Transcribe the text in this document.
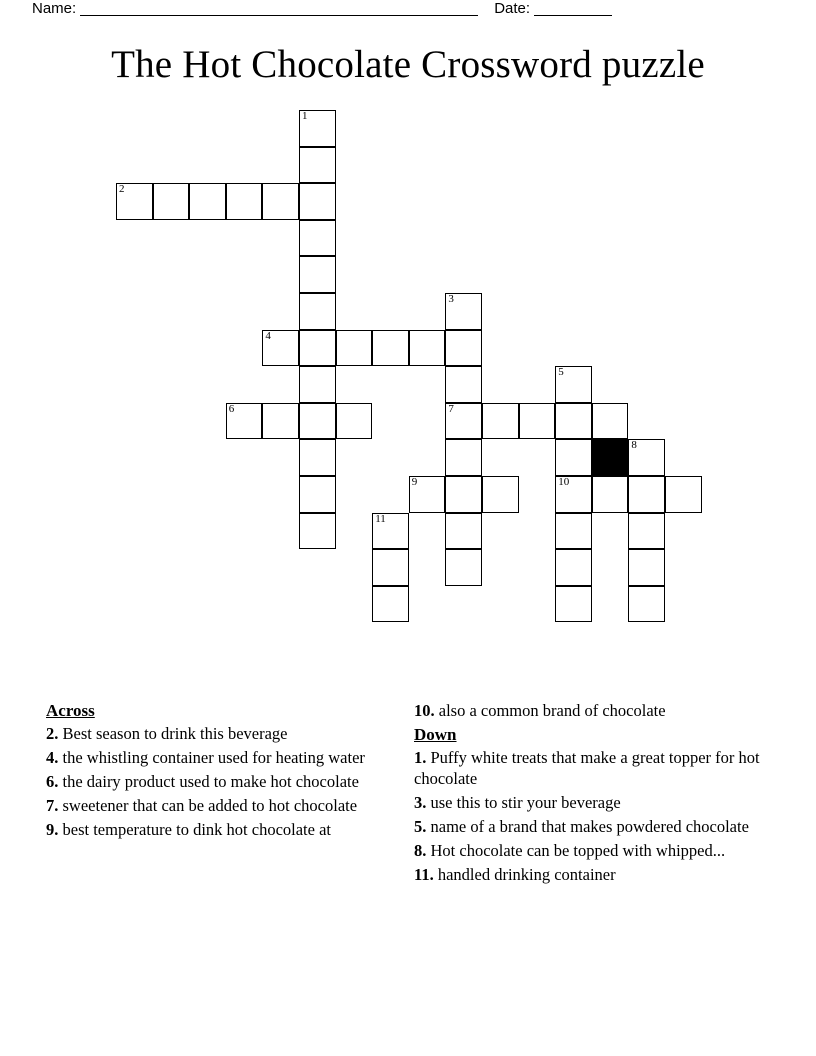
Name:	Date:
The Hot Chocolate Crossword puzzle
1
2
3
4
5
6	7
8
9	10
11
Across

2. Best season to drink this beverage

4. the whistling container used for heating water

6. the dairy product used to make hot chocolate

7. sweetener that can be added to hot chocolate

9. best temperature to dink hot chocolate at

10. also a common brand of chocolate

Down

1. Puffy white treats that make a great topper for hot chocolate

3. use this to stir your beverage

5. name of a brand that makes powdered chocolate

8. Hot chocolate can be topped with whipped...

11. handled drinking container
